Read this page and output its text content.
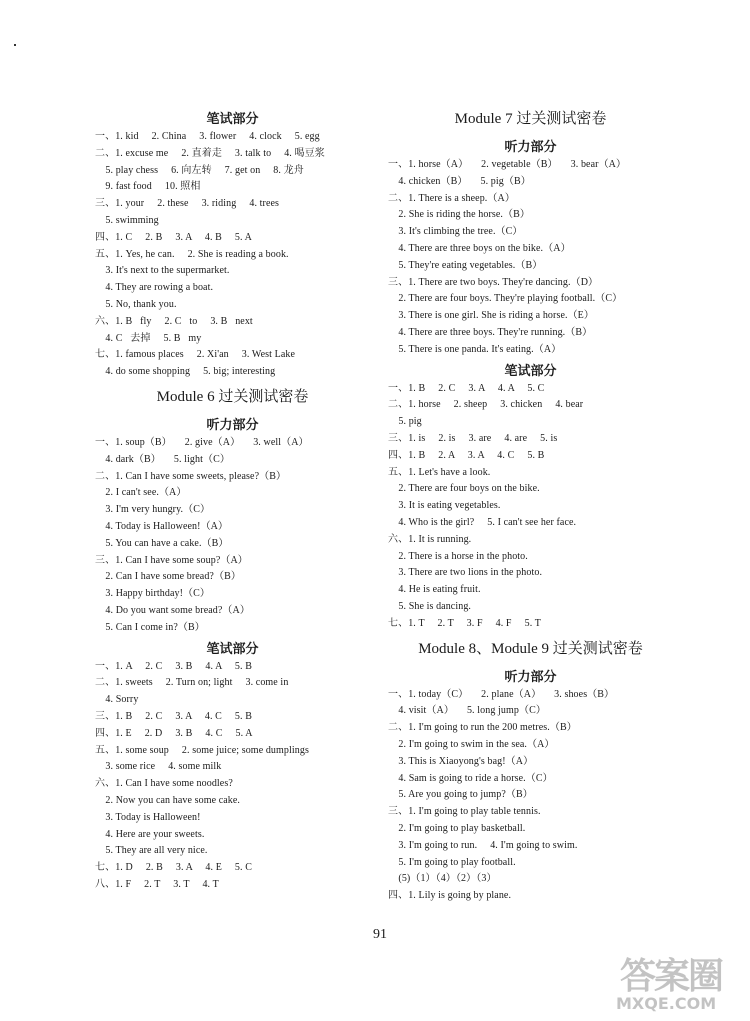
笔试部分
一、1. kid     2. China     3. flower     4. clock     5. egg
二、1. excuse me     2. 直着走     3. talk to     4. 喝豆浆
5. play chess     6. 向左转     7. get on     8. 龙舟
9. fast food     10. 照相
三、1. your     2. these     3. riding     4. trees
5. swimming
四、1. C     2. B     3. A     4. B     5. A
五、1. Yes, he can.     2. She is reading a book.
3. It's next to the supermarket.
4. They are rowing a boat.
5. No, thank you.
六、1. B   fly     2. C   to     3. B   next
4. C   去掉     5. B   my
七、1. famous places     2. Xi'an     3. West Lake
4. do some shopping     5. big; interesting
Module 6 过关测试密卷
听力部分
一、1. soup（B）     2. give（A）     3. well（A）
4. dark（B）     5. light（C）
二、1. Can I have some sweets, please?（B）
2. I can't see.（A）
3. I'm very hungry.（C）
4. Today is Halloween!（A）
5. You can have a cake.（B）
三、1. Can I have some soup?（A）
2. Can I have some bread?（B）
3. Happy birthday!（C）
4. Do you want some bread?（A）
5. Can I come in?（B）
笔试部分
一、1. A     2. C     3. B     4. A     5. B
二、1. sweets     2. Turn on; light     3. come in
4. Sorry
三、1. B     2. C     3. A     4. C     5. B
四、1. E     2. D     3. B     4. C     5. A
五、1. some soup     2. some juice; some dumplings
3. some rice     4. some milk
六、1. Can I have some noodles?
2. Now you can have some cake.
3. Today is Halloween!
4. Here are your sweets.
5. They are all very nice.
七、1. D     2. B     3. A     4. E     5. C
八、1. F     2. T     3. T     4. T
Module 7 过关测试密卷
听力部分
一、1. horse（A）     2. vegetable（B）     3. bear（A）
4. chicken（B）     5. pig（B）
二、1. There is a sheep.（A）
2. She is riding the horse.（B）
3. It's climbing the tree.（C）
4. There are three boys on the bike.（A）
5. They're eating vegetables.（B）
三、1. There are two boys. They're dancing.（D）
2. There are four boys. They're playing football.（C）
3. There is one girl. She is riding a horse.（E）
4. There are three boys. They're running.（B）
5. There is one panda. It's eating.（A）
笔试部分
一、1. B     2. C     3. A     4. A     5. C
二、1. horse     2. sheep     3. chicken     4. bear
5. pig
三、1. is     2. is     3. are     4. are     5. is
四、1. B     2. A     3. A     4. C     5. B
五、1. Let's have a look.
2. There are four boys on the bike.
3. It is eating vegetables.
4. Who is the girl?     5. I can't see her face.
六、1. It is running.
2. There is a horse in the photo.
3. There are two lions in the photo.
4. He is eating fruit.
5. She is dancing.
七、1. T     2. T     3. F     4. F     5. T
Module 8、Module 9 过关测试密卷
听力部分
一、1. today（C）     2. plane（A）     3. shoes（B）
4. visit（A）     5. long jump（C）
二、1. I'm going to run the 200 metres.（B）
2. I'm going to swim in the sea.（A）
3. This is Xiaoyong's bag!（A）
4. Sam is going to ride a horse.（C）
5. Are you going to jump?（B）
三、1. I'm going to play table tennis.
2. I'm going to play basketball.
3. I'm going to run.     4. I'm going to swim.
5. I'm going to play football.
(5)（1）（4）（2）（3）
四、1. Lily is going by plane.
91
答案圈
MXQE.COM
